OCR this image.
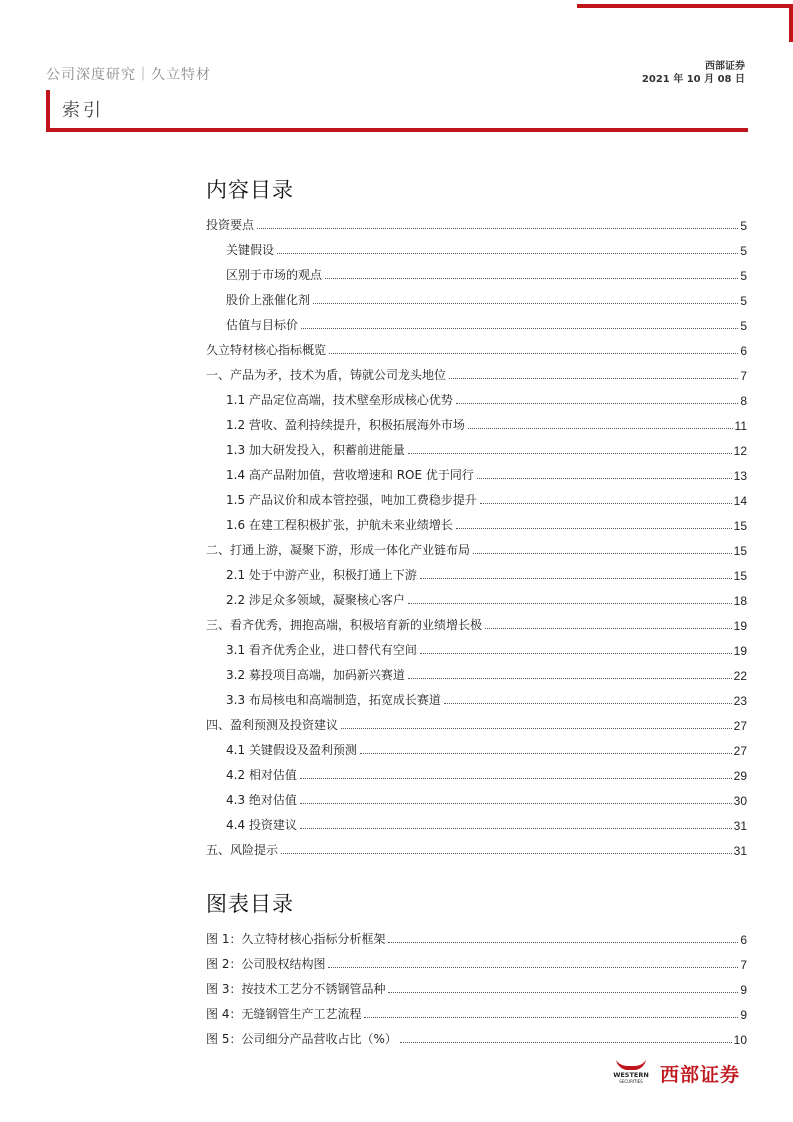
公司深度研究｜久立特材
西部证券
2021 年 10 月 08 日
索引
内容目录
投资要点	5
关键假设	5
区别于市场的观点	5
股价上涨催化剂	5
估值与目标价	5
久立特材核心指标概览	6
一、产品为矛，技术为盾，铸就公司龙头地位	7
1.1 产品定位高端，技术壁垒形成核心优势	8
1.2 营收、盈利持续提升，积极拓展海外市场	11
1.3 加大研发投入，积蓄前进能量	12
1.4 高产品附加值，营收增速和 ROE 优于同行	13
1.5 产品议价和成本管控强，吨加工费稳步提升	14
1.6 在建工程积极扩张，护航未来业绩增长	15
二、打通上游，凝聚下游，形成一体化产业链布局	15
2.1 处于中游产业，积极打通上下游	15
2.2 涉足众多领域，凝聚核心客户	18
三、看齐优秀，拥抱高端，积极培育新的业绩增长极	19
3.1 看齐优秀企业，进口替代有空间	19
3.2 募投项目高端，加码新兴赛道	22
3.3 布局核电和高端制造，拓宽成长赛道	23
四、盈利预测及投资建议	27
4.1 关键假设及盈利预测	27
4.2 相对估值	29
4.3 绝对估值	30
4.4 投资建议	31
五、风险提示	31
图表目录
图 1：久立特材核心指标分析框架	6
图 2：公司股权结构图	7
图 3：按技术工艺分不锈钢管品种	9
图 4：无缝钢管生产工艺流程	9
图 5：公司细分产品营收占比（%）	10
WESTERN
SECURITIES 西部证券
